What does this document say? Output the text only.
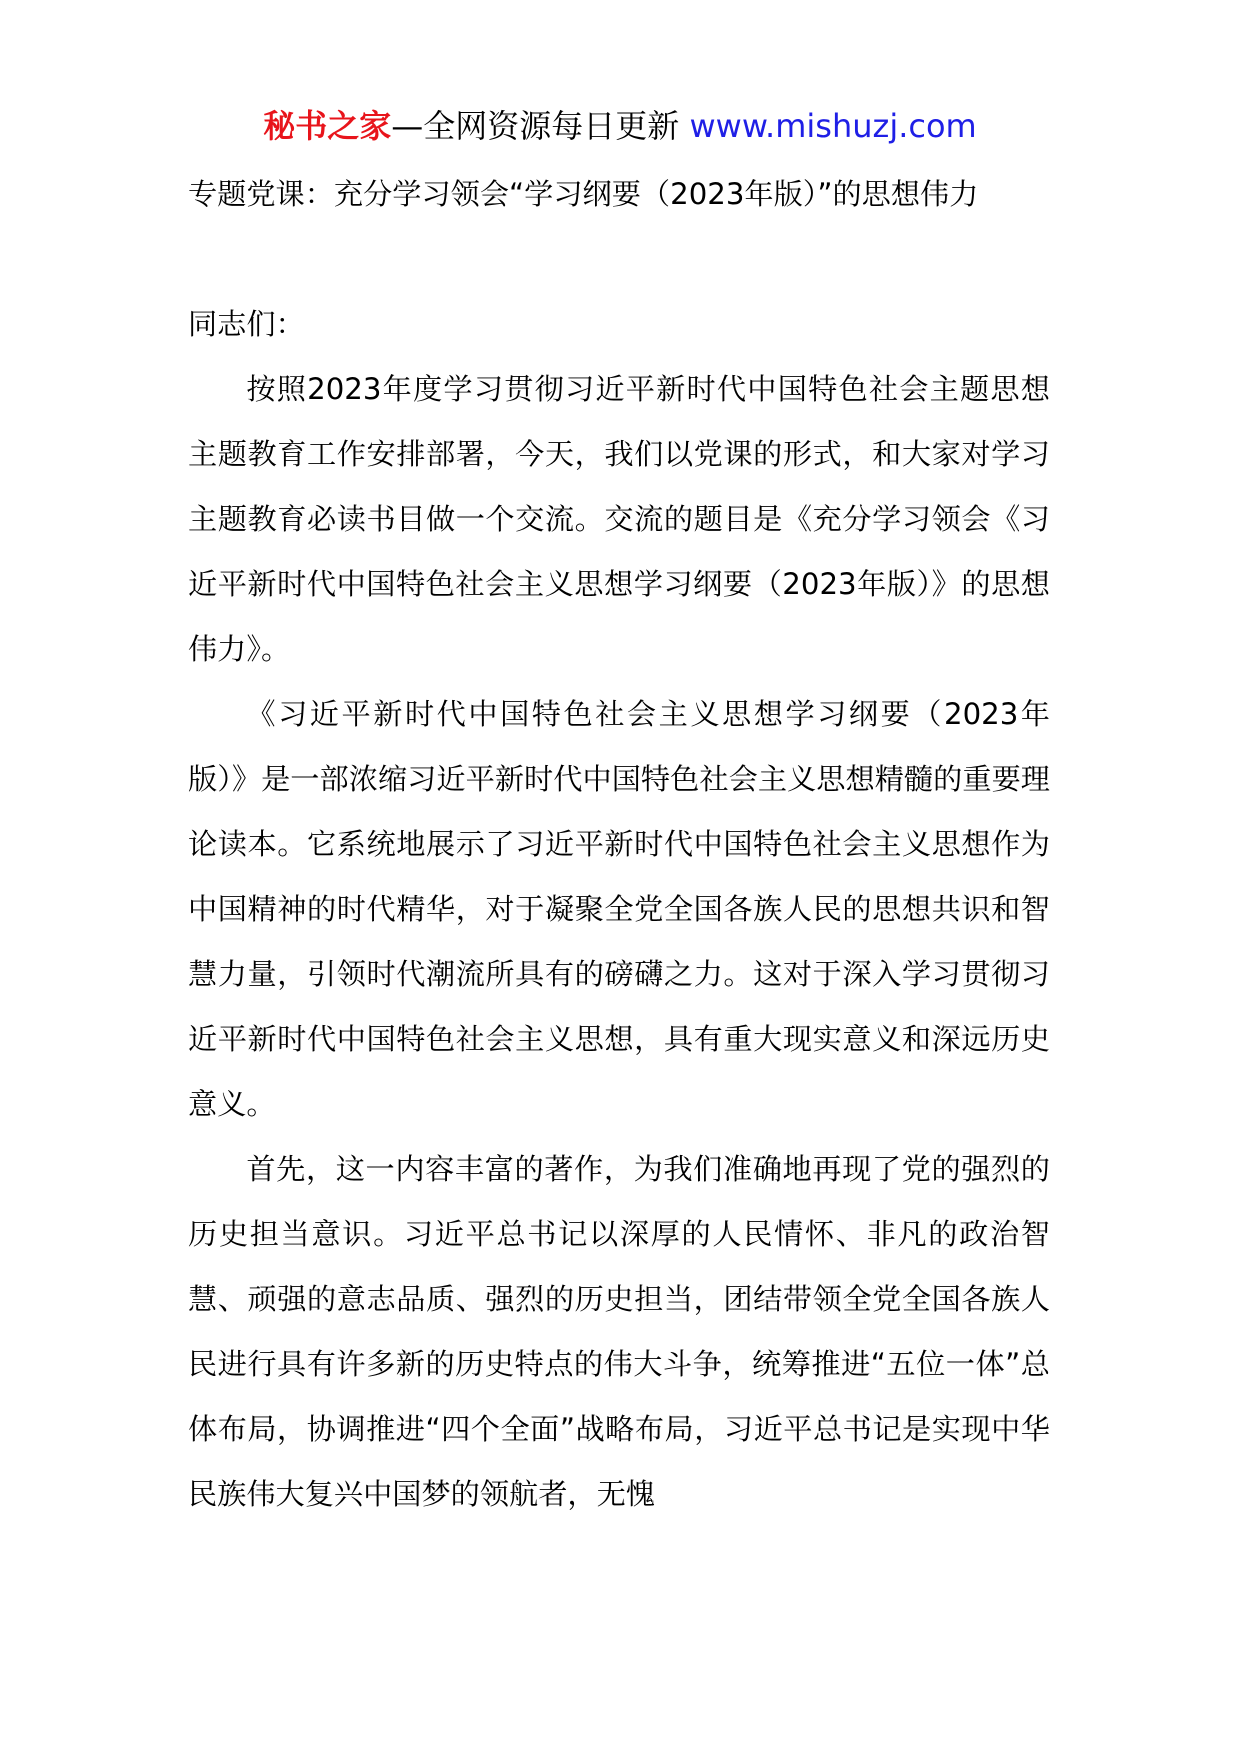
秘书之家—全网资源每日更新 www.mishuzj.com
专题党课：充分学习领会“学习纲要（2023年版）”的思想伟力

同志们：

按照2023年度学习贯彻习近平新时代中国特色社会主题思想主题教育工作安排部署，今天，我们以党课的形式，和大家对学习主题教育必读书目做一个交流。交流的题目是《充分学习领会《习近平新时代中国特色社会主义思想学习纲要（2023年版）》的思想伟力》。

《习近平新时代中国特色社会主义思想学习纲要（2023年版）》是一部浓缩习近平新时代中国特色社会主义思想精髓的重要理论读本。它系统地展示了习近平新时代中国特色社会主义思想作为中国精神的时代精华，对于凝聚全党全国各族人民的思想共识和智慧力量，引领时代潮流所具有的磅礴之力。这对于深入学习贯彻习近平新时代中国特色社会主义思想，具有重大现实意义和深远历史意义。

首先，这一内容丰富的著作，为我们准确地再现了党的强烈的历史担当意识。习近平总书记以深厚的人民情怀、非凡的政治智慧、顽强的意志品质、强烈的历史担当，团结带领全党全国各族人民进行具有许多新的历史特点的伟大斗争，统筹推进“五位一体”总体布局，协调推进“四个全面”战略布局，习近平总书记是实现中华民族伟大复兴中国梦的领航者，无愧
